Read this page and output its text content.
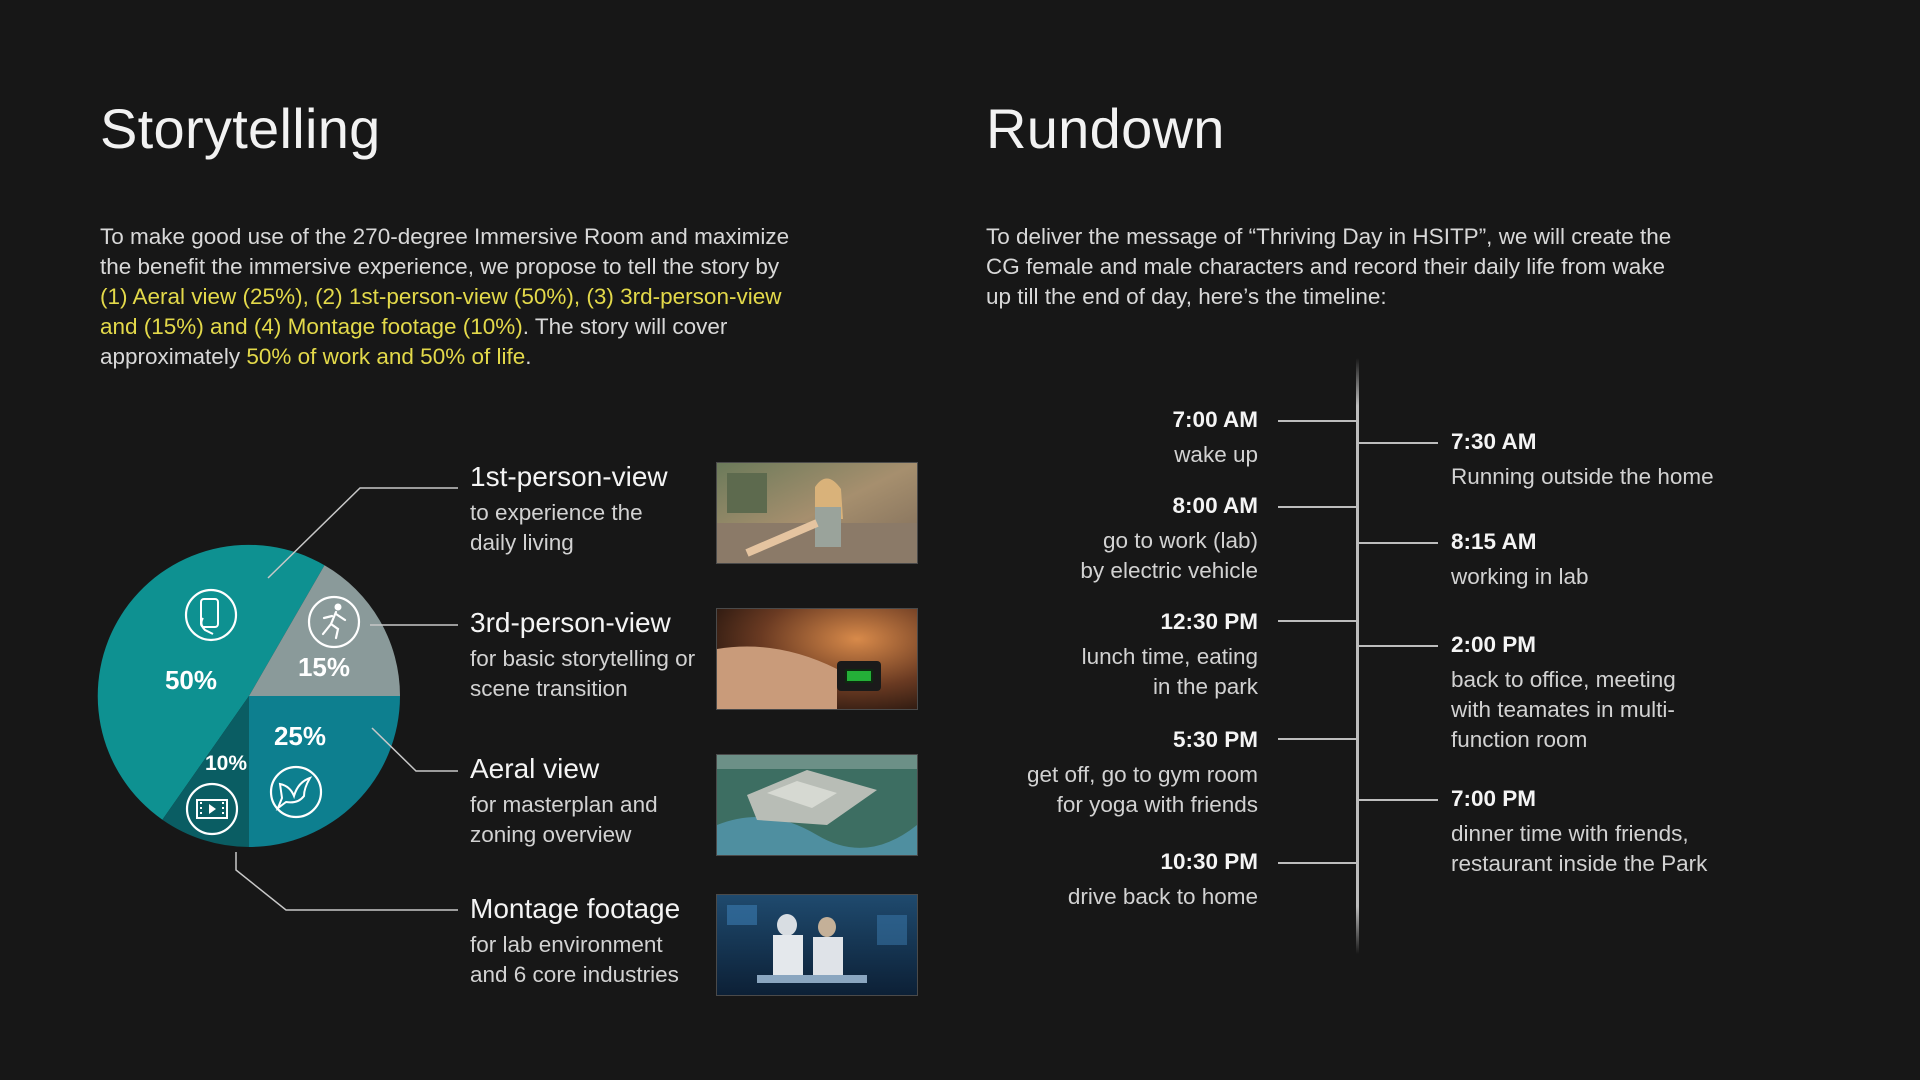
Storytelling

To make good use of the 270-degree Immersive Room and maximize the benefit the immersive experience, we propose to tell the story by (1) Aeral view (25%), (2) 1st-person-view (50%), (3) 3rd-person-view and (15%) and (4) Montage footage (10%). The story will cover approximately 50% of work and 50% of life.

50%	15%
25%
10%
1st-person-view
to experience the daily living
3rd-person-view
for basic storytelling or scene transition
Aeral view
for masterplan and zoning overview
Montage footage
for lab environment and 6 core industries
Rundown

To deliver the message of “Thriving Day in HSITP”, we will create the CG female and male characters and record their daily life from wake up till the end of day, here’s the timeline:

7:00 AM
wake up
8:00 AM
go to work (lab)
by electric vehicle
12:30 PM
lunch time, eating
in the park
5:30 PM
get off, go to gym room
for yoga with friends
10:30 PM
drive back to home
7:30 AM
Running outside the home
8:15 AM
working in lab
2:00 PM
back to office, meeting
with teamates in multi-
function room
7:00 PM
dinner time with friends,
restaurant inside the Park
